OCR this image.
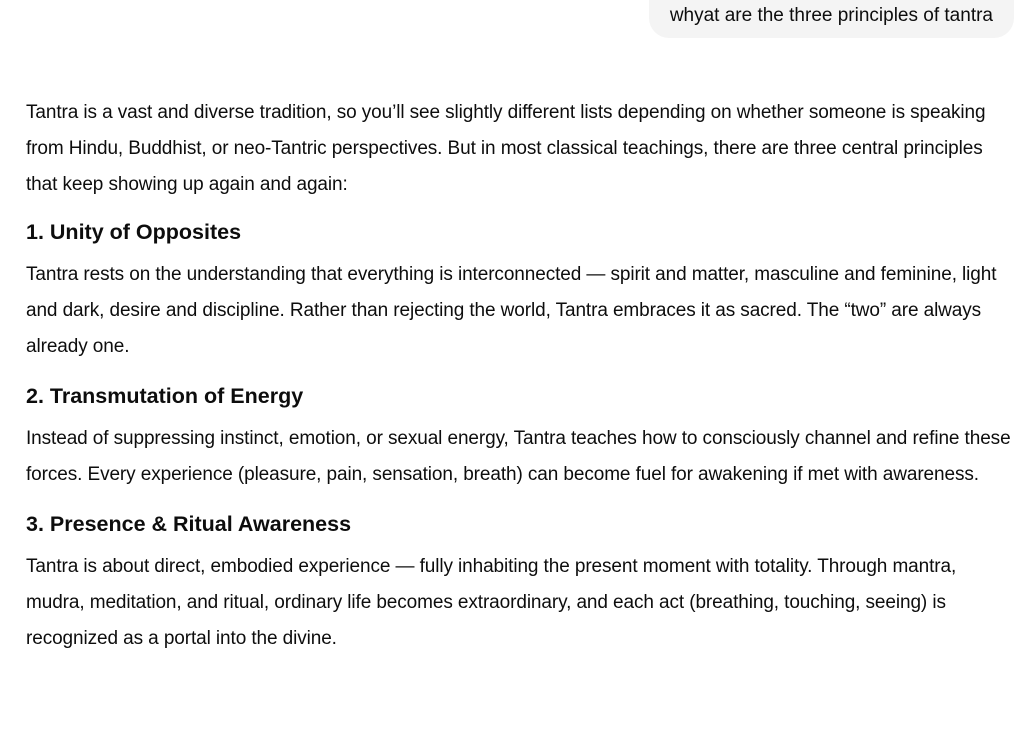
whyat are the three principles of tantra

Tantra is a vast and diverse tradition, so you’ll see slightly different lists depending on whether someone is speaking from Hindu, Buddhist, or neo-Tantric perspectives. But in most classical teachings, there are three central principles that keep showing up again and again:

1. Unity of Opposites

Tantra rests on the understanding that everything is interconnected — spirit and matter, masculine and feminine, light and dark, desire and discipline. Rather than rejecting the world, Tantra embraces it as sacred. The “two” are always already one.

2. Transmutation of Energy

Instead of suppressing instinct, emotion, or sexual energy, Tantra teaches how to consciously channel and refine these forces. Every experience (pleasure, pain, sensation, breath) can become fuel for awakening if met with awareness.

3. Presence & Ritual Awareness

Tantra is about direct, embodied experience — fully inhabiting the present moment with totality. Through mantra, mudra, meditation, and ritual, ordinary life becomes extraordinary, and each act (breathing, touching, seeing) is recognized as a portal into the divine.
